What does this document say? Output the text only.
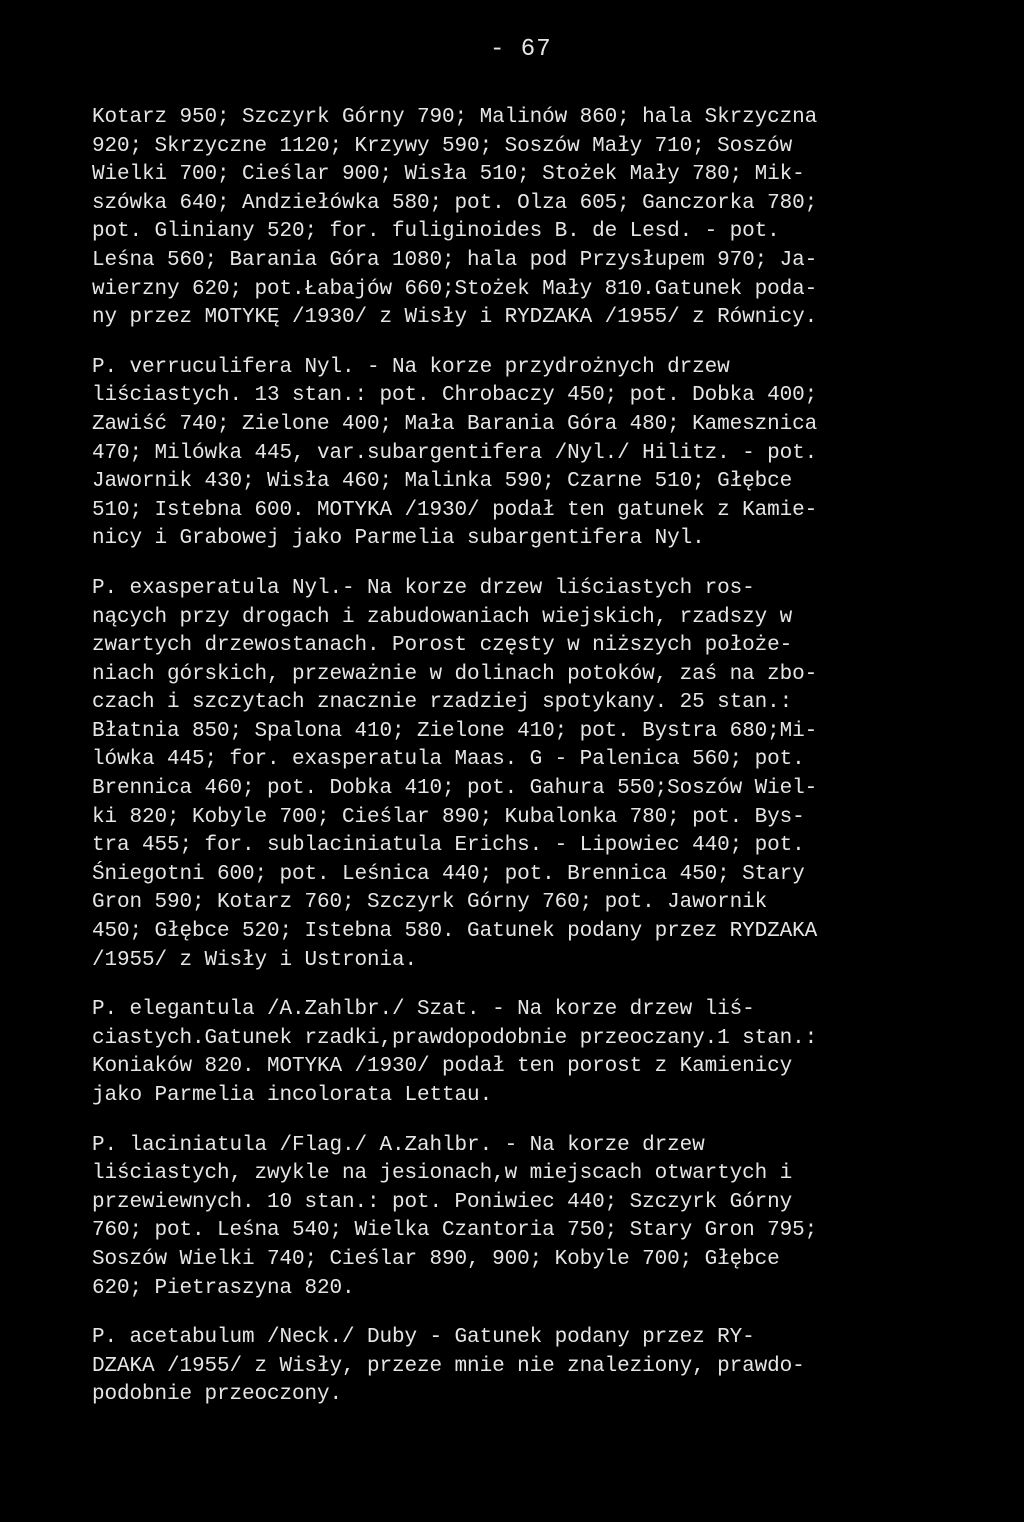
- 67
Kotarz 950; Szczyrk Górny 790; Malinów 860; hala Skrzyczna
920; Skrzyczne 1120; Krzywy 590; Soszów Mały 710; Soszów
Wielki 700; Cieślar 900; Wisła 510; Stożek Mały 780; Mik-
szówka 640; Andziełówka 580; pot. Olza 605; Ganczorka 780;
pot. Gliniany 520; for. fuliginoides B. de Lesd. - pot.
Leśna 560; Barania Góra 1080; hala pod Przysłupem 970; Ja-
wierzny 620; pot.Łabajów 660;Stożek Mały 810.Gatunek poda-
ny przez MOTYKĘ /1930/ z Wisły i RYDZAKA /1955/ z Równicy.
P. verruculifera Nyl. - Na korze przydrożnych drzew
liściastych. 13 stan.: pot. Chrobaczy 450; pot. Dobka 400;
Zawiść 740; Zielone 400; Mała Barania Góra 480; Kamesznica
470; Milówka 445, var.subargentifera /Nyl./ Hilitz. - pot.
Jawornik 430; Wisła 460; Malinka 590; Czarne 510; Głębce
510; Istebna 600. MOTYKA /1930/ podał ten gatunek z Kamie-
nicy i Grabowej jako Parmelia subargentifera Nyl.
P. exasperatula Nyl.- Na korze drzew liściastych ros-
nących przy drogach i zabudowaniach wiejskich, rzadszy w
zwartych drzewostanach. Porost częsty w niższych położe-
niach górskich, przeważnie w dolinach potoków, zaś na zbo-
czach i szczytach znacznie rzadziej spotykany. 25 stan.:
Błatnia 850; Spalona 410; Zielone 410; pot. Bystra 680;Mi-
lówka 445; for. exasperatula Maas. G - Palenica 560; pot.
Brennica 460; pot. Dobka 410; pot. Gahura 550;Soszów Wiel-
ki 820; Kobyle 700; Cieślar 890; Kubalonka 780; pot. Bys-
tra 455; for. sublaciniatula Erichs. - Lipowiec 440; pot.
Śniegotni 600; pot. Leśnica 440; pot. Brennica 450; Stary
Gron 590; Kotarz 760; Szczyrk Górny 760; pot. Jawornik
450; Głębce 520; Istebna 580. Gatunek podany przez RYDZAKA
/1955/ z Wisły i Ustronia.
P. elegantula /A.Zahlbr./ Szat. - Na korze drzew liś-
ciastych.Gatunek rzadki,prawdopodobnie przeoczany.1 stan.:
Koniaków 820. MOTYKA /1930/ podał ten porost z Kamienicy
jako Parmelia incolorata Lettau.
P. laciniatula /Flag./ A.Zahlbr. - Na korze drzew
liściastych, zwykle na jesionach,w miejscach otwartych i
przewiewnych. 10 stan.: pot. Poniwiec 440; Szczyrk Górny
760; pot. Leśna 540; Wielka Czantoria 750; Stary Gron 795;
Soszów Wielki 740; Cieślar 890, 900; Kobyle 700; Głębce
620; Pietraszyna 820.
P. acetabulum /Neck./ Duby - Gatunek podany przez RY-
DZAKA /1955/ z Wisły, przeze mnie nie znaleziony, prawdo-
podobnie przeoczony.
